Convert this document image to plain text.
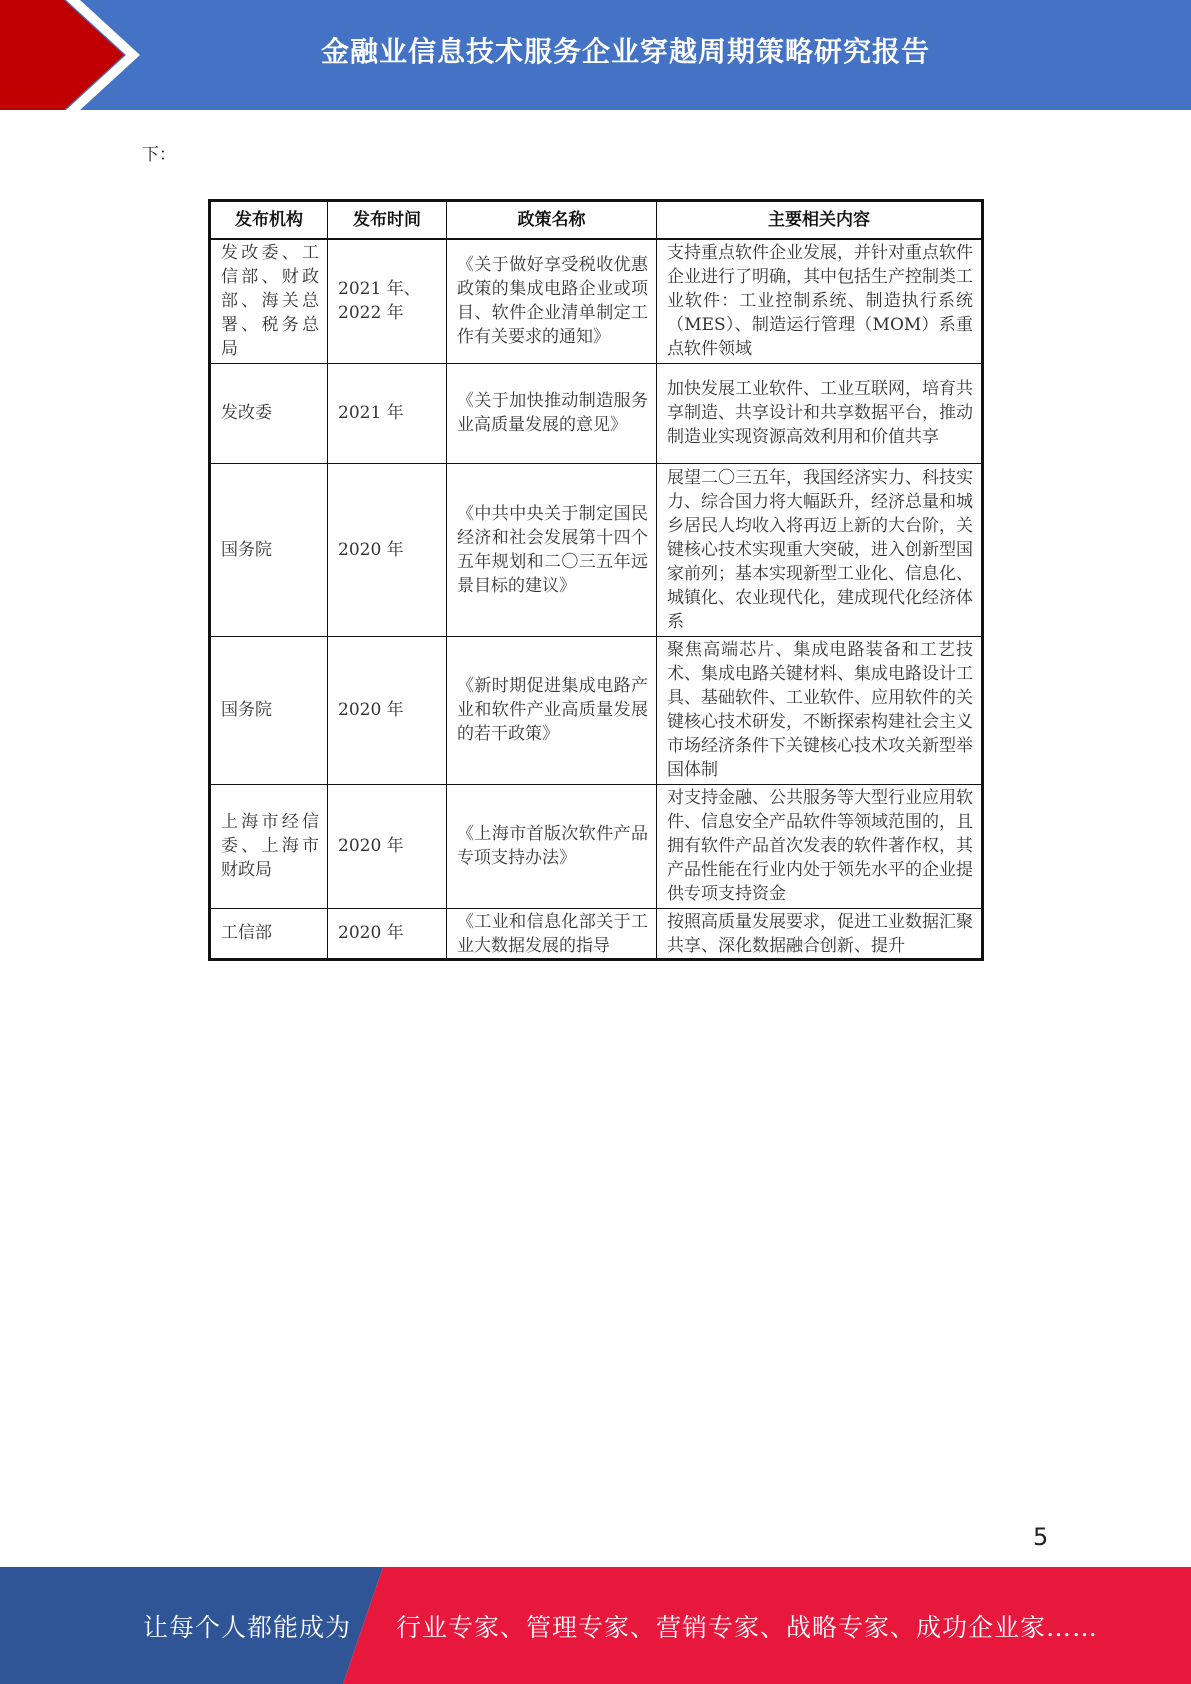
金融业信息技术服务企业穿越周期策略研究报告
下：
发布机构	发布时间	政策名称	主要相关内容
发改委、工信部、财政部、海关总署、税务总局	2021 年、2022 年	《关于做好享受税收优惠政策的集成电路企业或项目、软件企业清单制定工作有关要求的通知》	支持重点软件企业发展，并针对重点软件企业进行了明确，其中包括生产控制类工业软件：工业控制系统、制造执行系统 （MES）、制造运行管理（MOM）系重点软件领域
发改委	2021 年	《关于加快推动制造服务业高质量发展的意见》	加快发展工业软件、工业互联网，培育共享制造、共享设计和共享数据平台，推动制造业实现资源高效利用和价值共享
国务院	2020 年	《中共中央关于制定国民经济和社会发展第十四个五年规划和二〇三五年远景目标的建议》	展望二〇三五年，我国经济实力、科技实力、综合国力将大幅跃升，经济总量和城乡居民人均收入将再迈上新的大台阶，关键核心技术实现重大突破，进入创新型国家前列；基本实现新型工业化、信息化、城镇化、农业现代化，建成现代化经济体系
国务院	2020 年	《新时期促进集成电路产业和软件产业高质量发展的若干政策》	聚焦高端芯片、集成电路装备和工艺技术、集成电路关键材料、集成电路设计工具、基础软件、工业软件、应用软件的关键核心技术研发，不断探索构建社会主义市场经济条件下关键核心技术攻关新型举国体制
上海市经信委、上海市财政局	2020 年	《上海市首版次软件产品专项支持办法》	对支持金融、公共服务等大型行业应用软件、信息安全产品软件等领域范围的，且拥有软件产品首次发表的软件著作权，其产品性能在行业内处于领先水平的企业提供专项支持资金

工信部	2020 年	《工业和信息化部关于工业大数据发展的指导	按照高质量发展要求，促进工业数据汇聚共享、深化数据融合创新、提升
5
让每个人都能成为 行业专家、管理专家、营销专家、战略专家、成功企业家……
